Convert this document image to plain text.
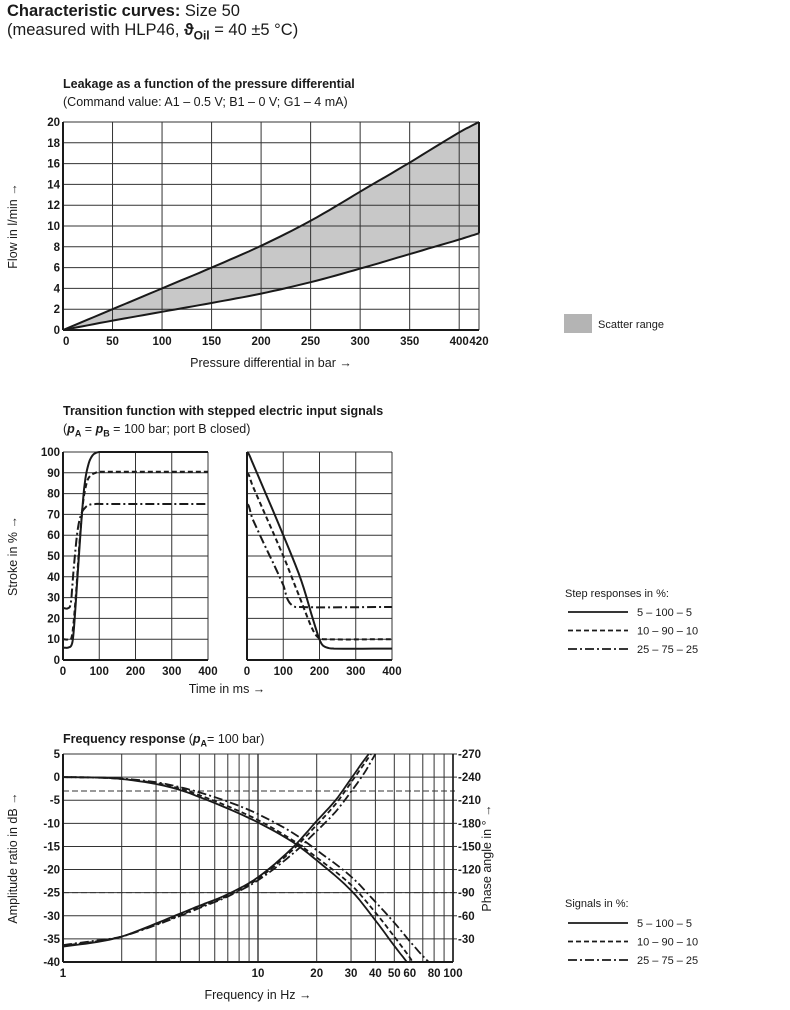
Characteristic curves: Size 50
(measured with HLP46, $ϑ_{Oil} = 40 \pm 5$ °C)
Leakage as a function of the pressure differential
(Command value: A1 – 0.5 V; B1 – 0 V; G1 – 4 mA)
Transition function with stepped electric input signals
($p_A = p_B = 100$ bar; port B closed)
Frequency response ($p_A= 100$ bar)
0	50	100	150	200	250	300	350	400 420
0
2
4
6
8
10
12
14
16
18
20
Pressure differential in bar →
Flow in l/min →
Scatter range
0 100 200 300 400
0
10
20
30
40
50
60
70
80
90
100
0 100 200 300 400
Time in ms →
Stroke in % →	Step responses in %:
5 – 100 – 5
10 – 90 – 10
25 – 75 – 25
5
0
-5
-10
-15
-20
-25
-30
-35
-40
-270
-240
-210
-180
-150
-120
-90
-60
-30
1	10	20 30 40 50 60 80 100
Frequency in Hz →
Amplitude ratio in dB →	Phase angle in ° →	Signals in %:
5 – 100 – 5
10 – 90 – 10
25 – 75 – 25
